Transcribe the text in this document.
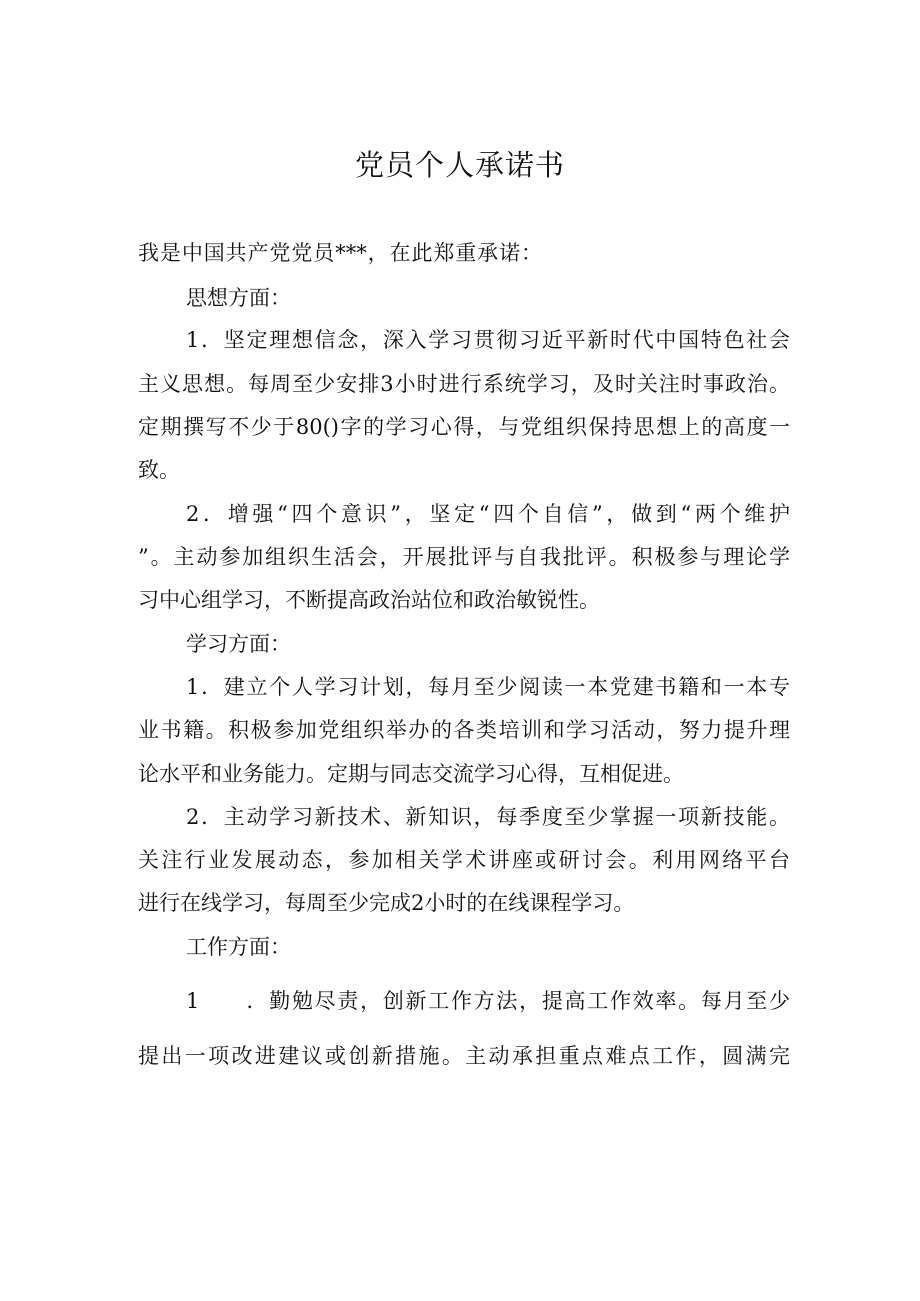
党员个人承诺书
我是中国共产党党员***，在此郑重承诺：
思想方面：
1．坚定理想信念，深入学习贯彻习近平新时代中国特色社会
主义思想。每周至少安排3小时进行系统学习，及时关注时事政治。
定期撰写不少于80()字的学习心得，与党组织保持思想上的高度一
致。
2．增强“四个意识”，坚定“四个自信”，做到“两个维护
”。主动参加组织生活会，开展批评与自我批评。积极参与理论学
习中心组学习，不断提高政治站位和政治敏锐性。
学习方面：
1．建立个人学习计划，每月至少阅读一本党建书籍和一本专
业书籍。积极参加党组织举办的各类培训和学习活动，努力提升理
论水平和业务能力。定期与同志交流学习心得，互相促进。
2．主动学习新技术、新知识，每季度至少掌握一项新技能。
关注行业发展动态，参加相关学术讲座或研讨会。利用网络平台
进行在线学习，每周至少完成2小时的在线课程学习。
工作方面：
1　　．勤勉尽责，创新工作方法，提高工作效率。每月至少
提出一项改进建议或创新措施。主动承担重点难点工作，圆满完
